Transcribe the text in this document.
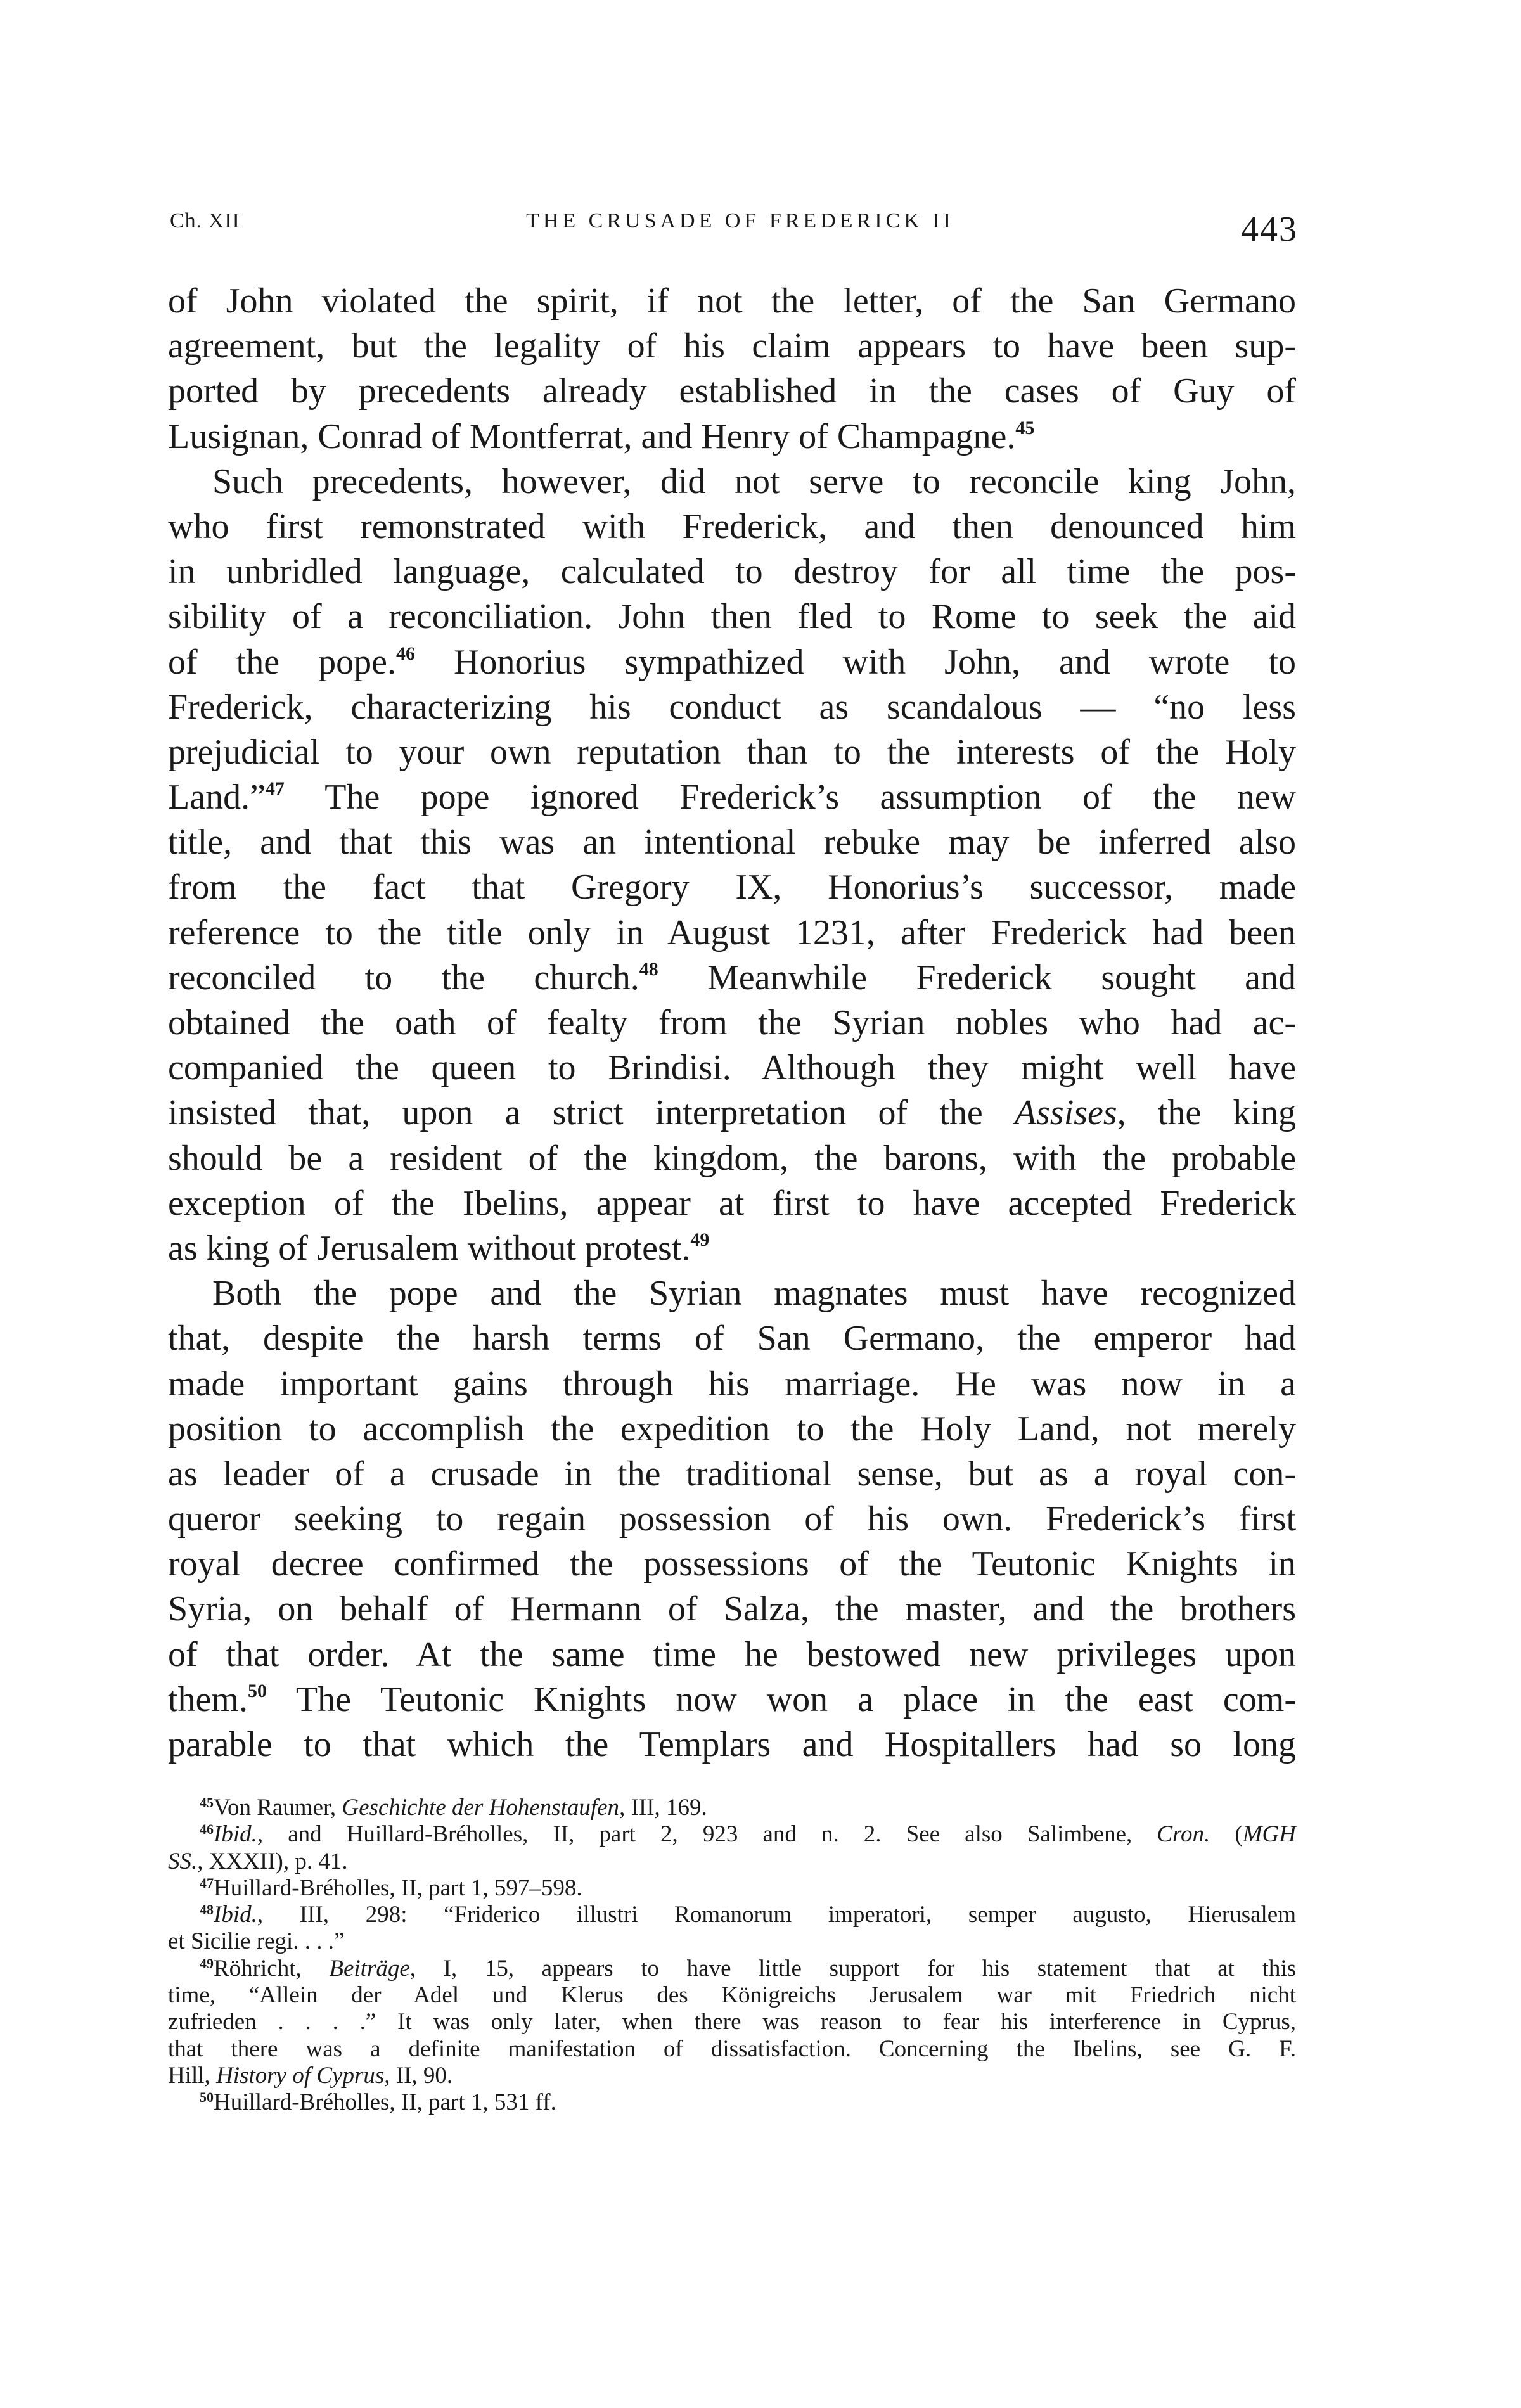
Ch. XII	THE CRUSADE OF FREDERICK II	443
of John violated the spirit, if not the letter, of the San Germano
agreement, but the legality of his claim appears to have been sup-
ported by precedents already established in the cases of Guy of
Lusignan, Conrad of Montferrat, and Henry of Champagne.$^{45}$
Such precedents, however, did not serve to reconcile king John,
who first remonstrated with Frederick, and then denounced him
in unbridled language, calculated to destroy for all time the pos-
sibility of a reconciliation. John then fled to Rome to seek the aid
of the pope.$^{46}$ Honorius sympathized with John, and wrote to
Frederick, characterizing his conduct as scandalous — “no less
prejudicial to your own reputation than to the interests of the Holy
Land.”$^{47}$ The pope ignored Frederick’s assumption of the new
title, and that this was an intentional rebuke may be inferred also
from the fact that Gregory IX, Honorius’s successor, made
reference to the title only in August 1231, after Frederick had been
reconciled to the church.$^{48}$ Meanwhile Frederick sought and
obtained the oath of fealty from the Syrian nobles who had ac-
companied the queen to Brindisi. Although they might well have
insisted that, upon a strict interpretation of the Assises, the king
should be a resident of the kingdom, the barons, with the probable
exception of the Ibelins, appear at first to have accepted Frederick
as king of Jerusalem without protest.$^{49}$
Both the pope and the Syrian magnates must have recognized
that, despite the harsh terms of San Germano, the emperor had
made important gains through his marriage. He was now in a
position to accomplish the expedition to the Holy Land, not merely
as leader of a crusade in the traditional sense, but as a royal con-
queror seeking to regain possession of his own. Frederick’s first
royal decree confirmed the possessions of the Teutonic Knights in
Syria, on behalf of Hermann of Salza, the master, and the brothers
of that order. At the same time he bestowed new privileges upon
them.$^{50}$ The Teutonic Knights now won a place in the east com-
parable to that which the Templars and Hospitallers had so long
$^{45}$Von Raumer, Geschichte der Hohenstaufen, III, 169.
$^{46}$Ibid., and Huillard-Bréholles, II, part 2, 923 and n. 2. See also Salimbene, Cron. (MGH
SS., XXXII), p. 41.
$^{47}$Huillard-Bréholles, II, part 1, 597–598.
$^{48}$Ibid., III, 298: “Friderico illustri Romanorum imperatori, semper augusto, Hierusalem
et Sicilie regi. . . .”
$^{49}$Röhricht, Beiträge, I, 15, appears to have little support for his statement that at this
time, “Allein der Adel und Klerus des Königreichs Jerusalem war mit Friedrich nicht
zufrieden . . . .” It was only later, when there was reason to fear his interference in Cyprus,
that there was a definite manifestation of dissatisfaction. Concerning the Ibelins, see G. F.
Hill, History of Cyprus, II, 90.
$^{50}$Huillard-Bréholles, II, part 1, 531 ff.
